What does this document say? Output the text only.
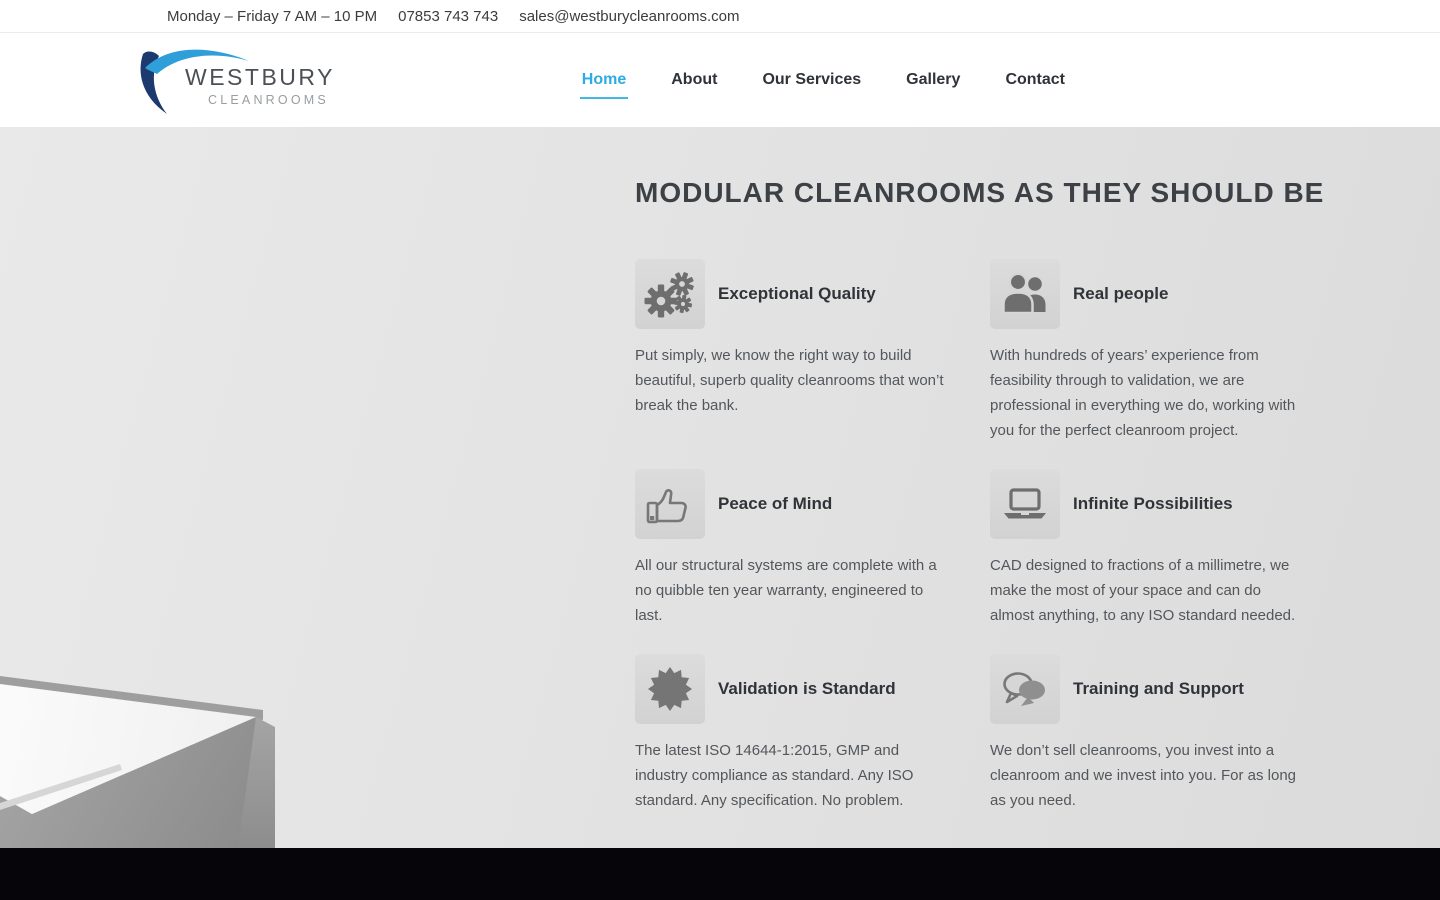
Monday – Friday 7 AM – 10 PM 07853 743 743 sales@westburycleanrooms.com
WESTBURY
CLEANROOMS
Home	About	Our Services	Gallery	Contact
MODULAR CLEANROOMS AS THEY SHOULD BE
Exceptional Quality

Put simply, we know the right way to build beautiful, superb quality cleanrooms that won’t break the bank.

Real people

With hundreds of years’ experience from feasibility through to validation, we are professional in everything we do, working with you for the perfect cleanroom project.

Peace of Mind

All our structural systems are complete with a no quibble ten year warranty, engineered to last.

Infinite Possibilities

CAD designed to fractions of a millimetre, we make the most of your space and can do almost anything, to any ISO standard needed.

Validation is Standard

The latest ISO 14644-1:2015, GMP and industry compliance as standard. Any ISO standard. Any specification. No problem.

Training and Support

We don’t sell cleanrooms, you invest into a cleanroom and we invest into you. For as long as you need.
